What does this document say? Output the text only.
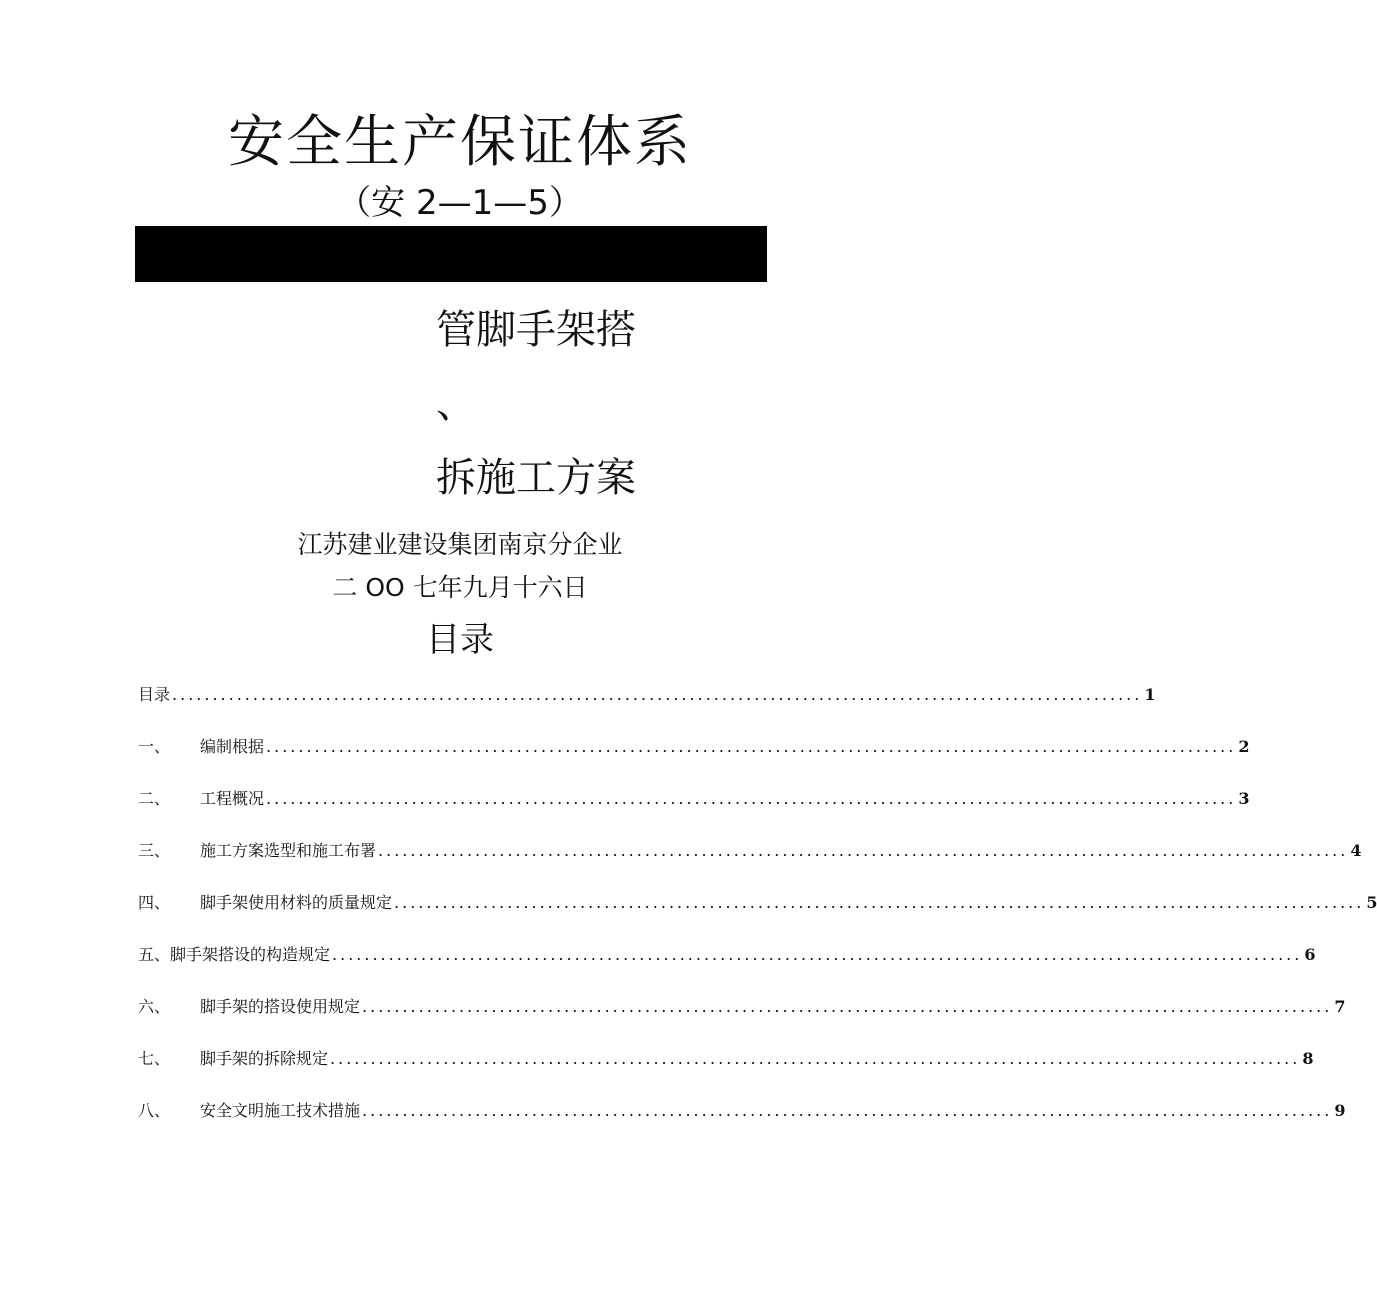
安全生产保证体系
（安 2—1—5）
管脚手架搭
、
拆施工方案
江苏建业建设集团南京分企业
二 OO 七年九月十六日
目录
目录 ........................................................................................................................ 1
一、	编制根据 ........................................................................................................................ 2
二、	工程概况 ........................................................................................................................ 3
三、	施工方案选型和施工布署 ........................................................................................................................ 4
四、	脚手架使用材料的质量规定 ........................................................................................................................ 5
五、脚手架搭设的构造规定 ........................................................................................................................ 6
六、	脚手架的搭设使用规定 ........................................................................................................................ 7
七、	脚手架的拆除规定 ........................................................................................................................ 8
八、	安全文明施工技术措施 ........................................................................................................................ 9
